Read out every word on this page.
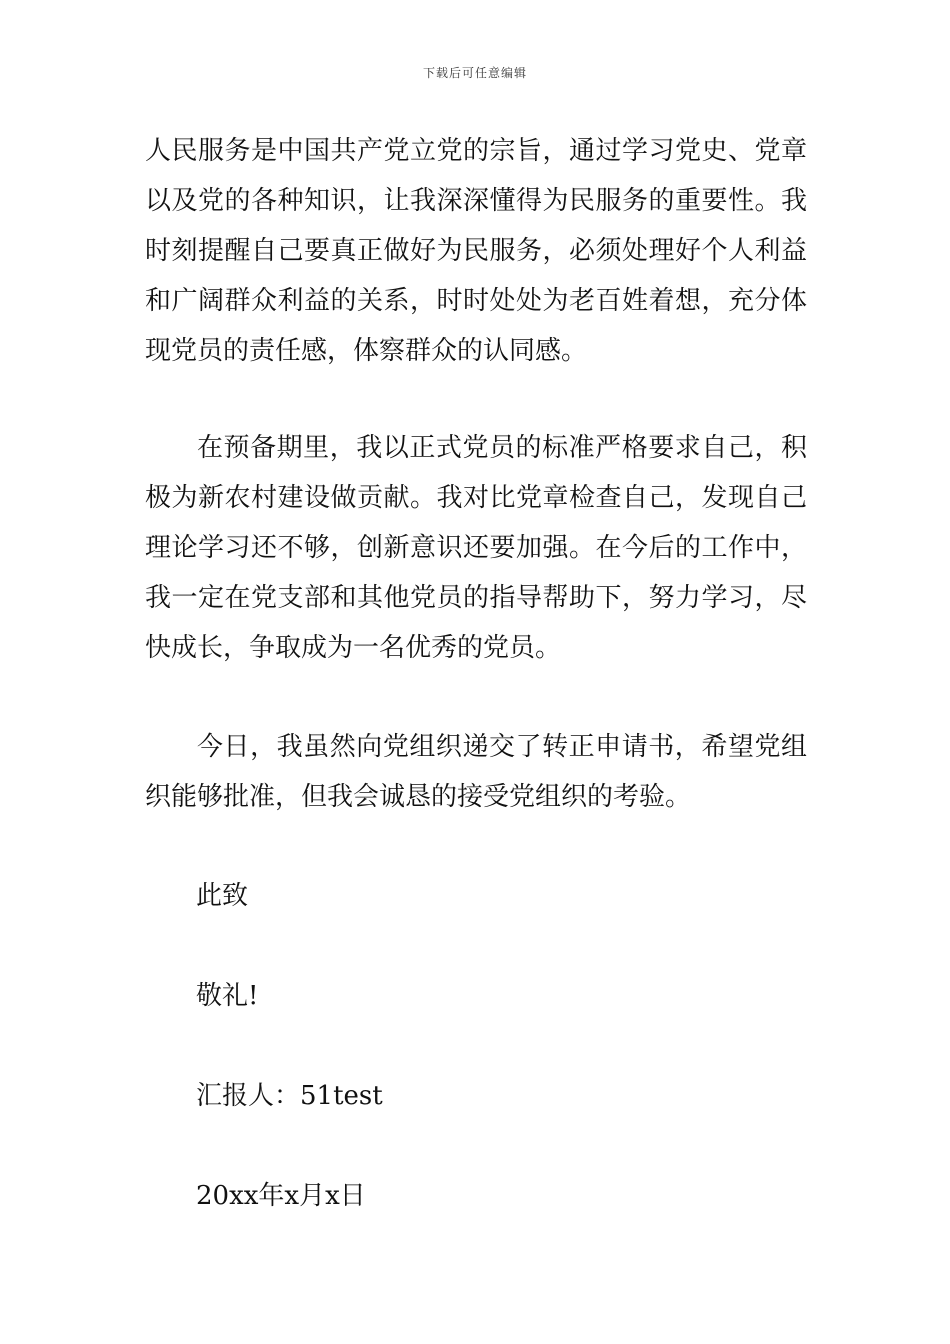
下载后可任意编辑
人民服务是中国共产党立党的宗旨，通过学习党史、党章以及党的各种知识，让我深深懂得为民服务的重要性。我时刻提醒自己要真正做好为民服务，必须处理好个人利益和广阔群众利益的关系，时时处处为老百姓着想，充分体现党员的责任感，体察群众的认同感。
在预备期里，我以正式党员的标准严格要求自己，积极为新农村建设做贡献。我对比党章检查自己，发现自己理论学习还不够，创新意识还要加强。在今后的工作中，我一定在党支部和其他党员的指导帮助下，努力学习，尽快成长，争取成为一名优秀的党员。
今日，我虽然向党组织递交了转正申请书，希望党组织能够批准，但我会诚恳的接受党组织的考验。
此致
敬礼!
汇报人：51test
20xx年x月x日
